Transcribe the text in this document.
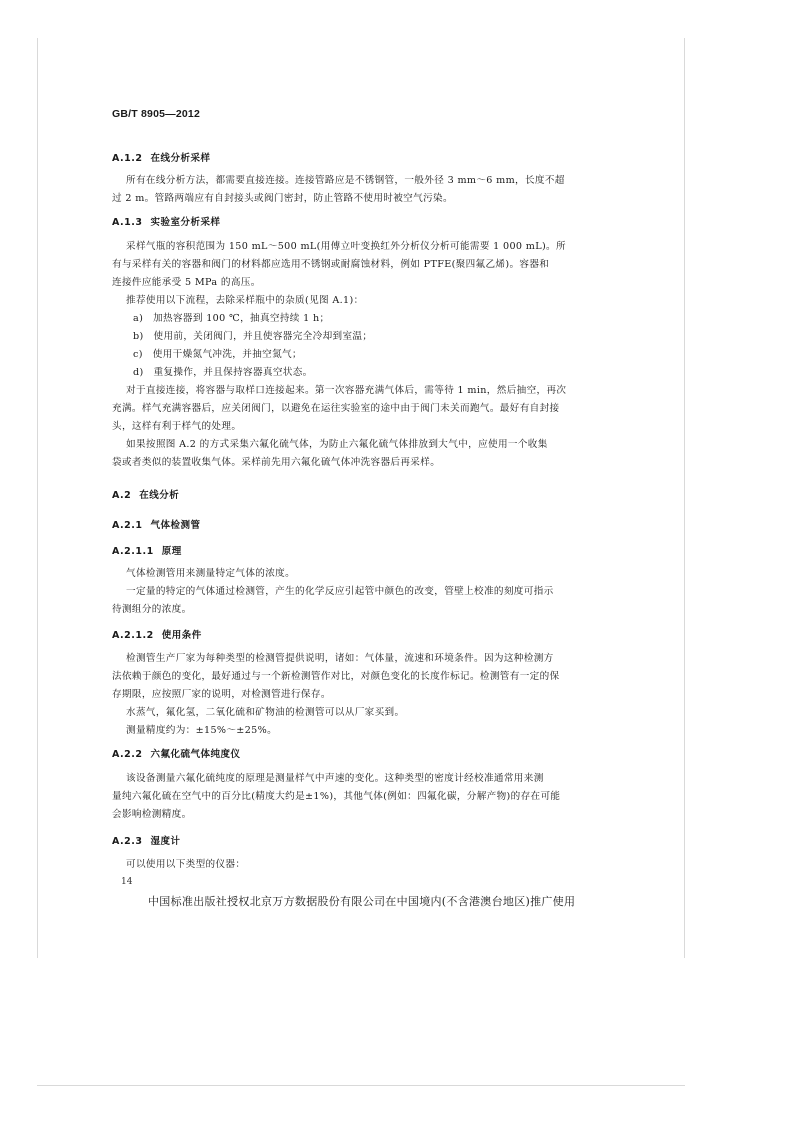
GB/T 8905—2012
A.1.2 在线分析采样
所有在线分析方法，都需要直接连接。连接管路应是不锈钢管，一般外径 3 mm～6 mm，长度不超
过 2 m。管路两端应有自封接头或阀门密封，防止管路不使用时被空气污染。
A.1.3 实验室分析采样
采样气瓶的容积范围为 150 mL～500 mL(用傅立叶变换红外分析仪分析可能需要 1 000 mL)。所
有与采样有关的容器和阀门的材料都应选用不锈钢或耐腐蚀材料，例如 PTFE(聚四氟乙烯)。容器和
连接件应能承受 5 MPa 的高压。
推荐使用以下流程，去除采样瓶中的杂质(见图 A.1)：
a)　加热容器到 100 ℃，抽真空持续 1 h；
b)　使用前，关闭阀门，并且使容器完全冷却到室温；
c)　使用干燥氮气冲洗，并抽空氮气；
d)　重复操作，并且保持容器真空状态。
对于直接连接，将容器与取样口连接起来。第一次容器充满气体后，需等待 1 min，然后抽空，再次
充满。样气充满容器后，应关闭阀门，以避免在运往实验室的途中由于阀门未关而跑气。最好有自封接
头，这样有利于样气的处理。
如果按照图 A.2 的方式采集六氟化硫气体，为防止六氟化硫气体排放到大气中，应使用一个收集
袋或者类似的装置收集气体。采样前先用六氟化硫气体冲洗容器后再采样。
A.2 在线分析
A.2.1 气体检测管
A.2.1.1 原理
气体检测管用来测量特定气体的浓度。
一定量的特定的气体通过检测管，产生的化学反应引起管中颜色的改变，管壁上校准的刻度可指示
待测组分的浓度。
A.2.1.2 使用条件
检测管生产厂家为每种类型的检测管提供说明，诸如：气体量，流速和环境条件。因为这种检测方
法依赖于颜色的变化，最好通过与一个新检测管作对比，对颜色变化的长度作标记。检测管有一定的保
存期限，应按照厂家的说明，对检测管进行保存。
水蒸气，氟化氢，二氧化硫和矿物油的检测管可以从厂家买到。
测量精度约为：±15%～±25%。
A.2.2 六氟化硫气体纯度仪
该设备测量六氟化硫纯度的原理是测量样气中声速的变化。这种类型的密度计经校准通常用来测
量纯六氟化硫在空气中的百分比(精度大约是±1%)，其他气体(例如：四氟化碳，分解产物)的存在可能
会影响检测精度。
A.2.3 湿度计
可以使用以下类型的仪器：
14
中国标准出版社授权北京万方数据股份有限公司在中国境内(不含港澳台地区)推广使用
